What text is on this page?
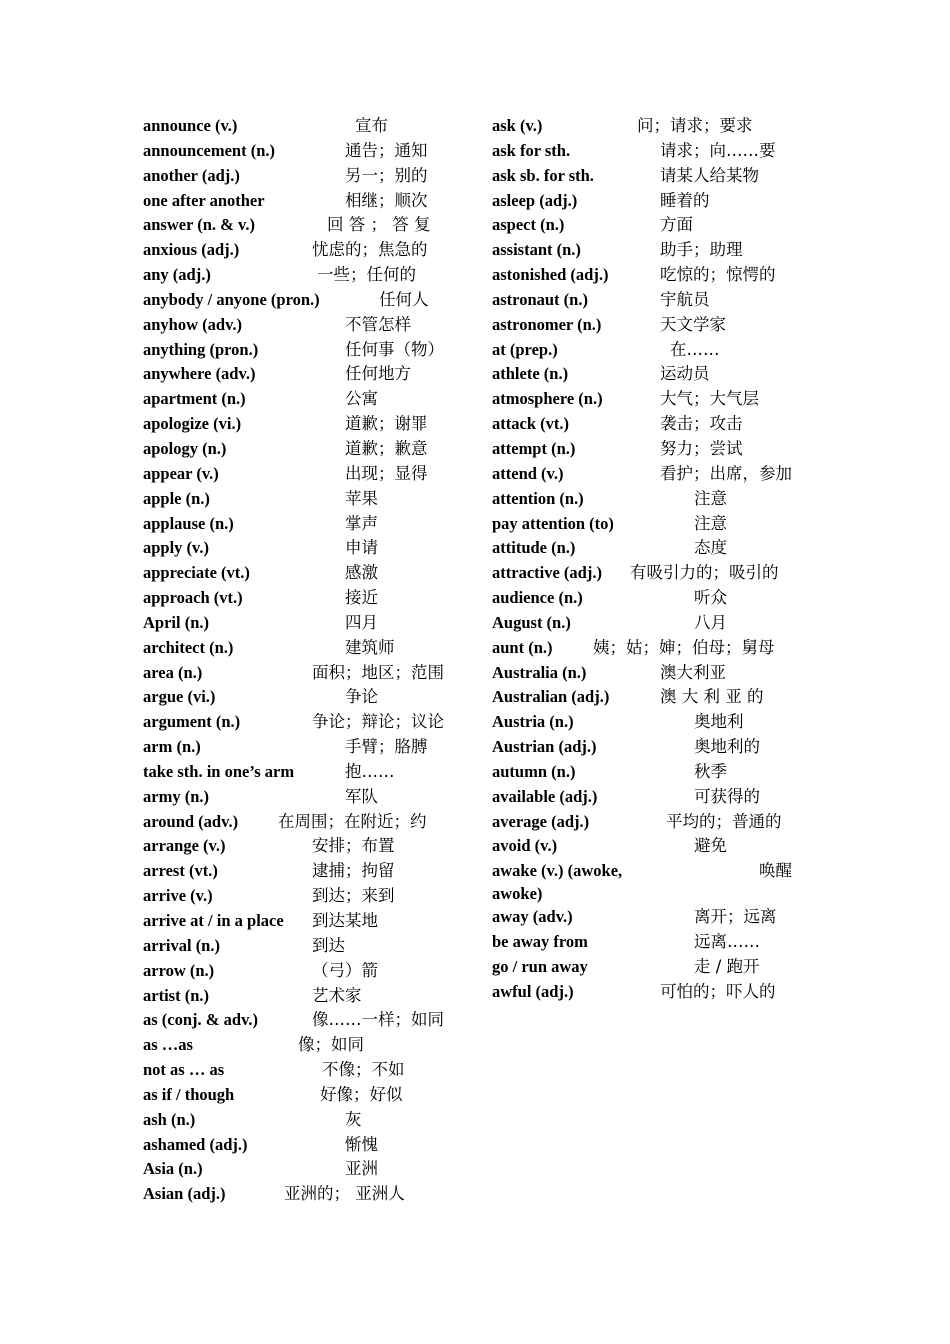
announce (v.)	宣布
announcement (n.)	通告；通知
another (adj.)	另一；别的
one after another	相继；顺次
answer (n. & v.)	回 答 ； 答 复
anxious (adj.)	忧虑的；焦急的
any (adj.)	一些；任何的
anybody / anyone (pron.)	任何人
anyhow (adv.)	不管怎样
anything (pron.)	任何事（物）
anywhere (adv.)	任何地方
apartment (n.)	公寓
apologize (vi.)	道歉；谢罪
apology (n.)	道歉；歉意
appear (v.)	出现；显得
apple (n.)	苹果
applause (n.)	掌声
apply (v.)	申请
appreciate (vt.)	感激
approach (vt.)	接近
April (n.)	四月
architect (n.)	建筑师
area (n.)	面积；地区；范围
argue (vi.)	争论
argument (n.)	争论；辩论；议论
arm (n.)	手臂；胳膊
take sth. in one’s arm	抱……
army (n.)	军队
around (adv.) 在周围；在附近；约
arrange (v.)	安排；布置
arrest (vt.)	逮捕；拘留
arrive (v.)	到达；来到
arrive at / in a place 到达某地
arrival (n.)	到达
arrow (n.)	（弓）箭
artist (n.)	艺术家
as (conj. & adv.)	像……一样；如同
as …as	像；如同
not as … as	不像；不如
as if / though	好像；好似
ash (n.)	灰
ashamed (adj.)	惭愧
Asia (n.)	亚洲
Asian (adj.)	亚洲的； 亚洲人
ask (v.)	问；请求；要求
ask for sth.	请求；向……要
ask sb. for sth.	请某人给某物
asleep (adj.)	睡着的
aspect (n.)	方面
assistant (n.)	助手；助理
astonished (adj.)	吃惊的；惊愕的
astronaut (n.)	宇航员
astronomer (n.)	天文学家
at (prep.)	在……
athlete (n.)	运动员
atmosphere (n.)	大气；大气层
attack (vt.)	袭击；攻击
attempt (n.)	努力；尝试
attend (v.)	看护；出席，参加
attention (n.)	注意
pay attention (to)	注意
attitude (n.)	态度
attractive (adj.) 有吸引力的；吸引的
audience (n.)	听众
August (n.)	八月
aunt (n.) 姨；姑；婶；伯母；舅母
Australia (n.)	澳大利亚
Australian (adj.)	澳 大 利 亚 的
Austria (n.)	奥地利
Austrian (adj.)	奥地利的
autumn (n.)	秋季
available (adj.)	可获得的
average (adj.)	平均的；普通的
avoid (v.)	避免
awake (v.) (awoke, awoke)
唤醒
away (adv.)	离开；远离
be away from	远离……
go / run away	走 / 跑开
awful (adj.)	可怕的；吓人的
